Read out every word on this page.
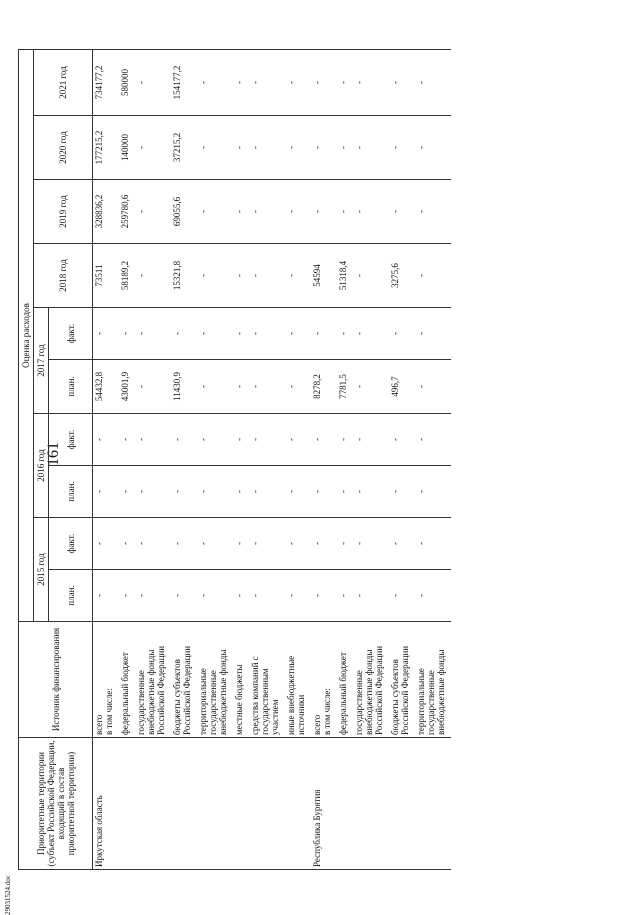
161
29031524.doc
Приоритетные территории (субъект Российской Федерации, входящий в состав приоритетной территории)	Источник финансирования	Оценка расходов									
		2015 год		2016 год		2017 год		2018 год	2019 год	2020 год	2021 год
		план.	факт.	план.	факт.	план.	факт.				
Иркутская область	всего в том числе:	-	-	-	-	54432,8	-	73511	328836,2	177215,2	734177,2

	федеральный бюджет	-	-	-	-	43001,9	-	58189,2	259780,6	140000	580000

	государственные внебюджетные фонды Российской Федерации	-	-	-	-	-	-	-	-	-	-

	бюджеты субъектов Российской Федерации	-	-	-	-	11430,9	-	15321,8	69055,6	37215,2	154177,2

	территориальные государственные внебюджетные фонды	-	-	-	-	-	-	-	-	-	-

	местные бюджеты	-	-	-	-	-	-	-	-	-	-

	средства компаний с государственным участием	-	-	-	-	-	-	-	-	-	-

	иные внебюджетные источники	-	-	-	-	-	-	-	-	-	-
Республика Бурятия	всего в том числе:	-	-	-	-	8278,2	-	54594	-	-	-

	федеральный бюджет	-	-	-	-	7781,5	-	51318,4	-	-	-

	государственные внебюджетные фонды Российской Федерации	-	-	-	-	-	-	-	-	-	-

	бюджеты субъектов Российской Федерации	-	-	-	-	496,7	-	3275,6	-	-	-

	территориальные государственные внебюджетные фонды	-	-	-	-	-	-	-	-	-	-
